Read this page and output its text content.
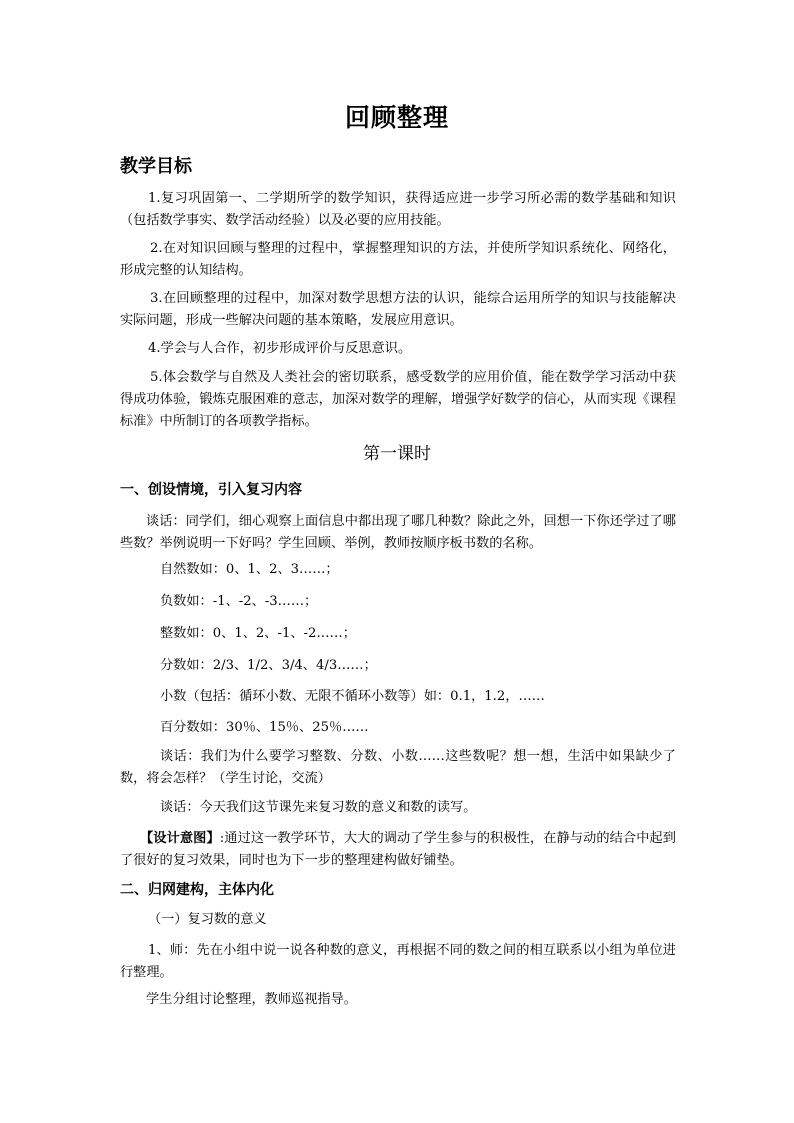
回顾整理
教学目标
1.复习巩固第一、二学期所学的数学知识，获得适应进一步学习所必需的数学基础和知识（包括数学事实、数学活动经验）以及必要的应用技能。
2.在对知识回顾与整理的过程中，掌握整理知识的方法，并使所学知识系统化、网络化，形成完整的认知结构。
3.在回顾整理的过程中，加深对数学思想方法的认识，能综合运用所学的知识与技能解决实际问题，形成一些解决问题的基本策略，发展应用意识。
4.学会与人合作，初步形成评价与反思意识。
5.体会数学与自然及人类社会的密切联系，感受数学的应用价值，能在数学学习活动中获得成功体验，锻炼克服困难的意志，加深对数学的理解，增强学好数学的信心，从而实现《课程标准》中所制订的各项教学指标。
第一课时
一、创设情境，引入复习内容
谈话：同学们，细心观察上面信息中都出现了哪几种数？除此之外，回想一下你还学过了哪些数？举例说明一下好吗？学生回顾、举例，教师按顺序板书数的名称。
自然数如：0、1、2、3……；
负数如：-1、-2、-3……；
整数如：0、1、2、-1、-2……；
分数如：2/3、1/2、3/4、4/3……；
小数（包括：循环小数、无限不循环小数等）如：0.1，1.2，……
百分数如：30％、15％、25％……
谈话：我们为什么要学习整数、分数、小数……这些数呢？想一想，生活中如果缺少了数，将会怎样？（学生讨论，交流）
谈话：今天我们这节课先来复习数的意义和数的读写。
【设计意图】:通过这一教学环节，大大的调动了学生参与的积极性，在静与动的结合中起到了很好的复习效果，同时也为下一步的整理建构做好铺垫。
二、归网建构，主体内化
（一）复习数的意义
1、师：先在小组中说一说各种数的意义，再根据不同的数之间的相互联系以小组为单位进行整理。
学生分组讨论整理，教师巡视指导。
